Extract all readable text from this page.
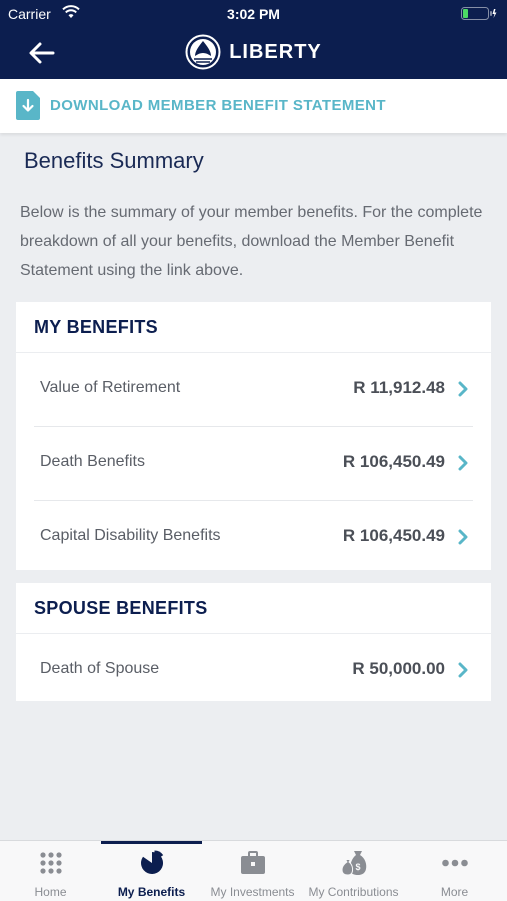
Carrier	3:02 PM
LIBERTY
DOWNLOAD MEMBER BENEFIT STATEMENT
Benefits Summary
Below is the summary of your member benefits. For the complete breakdown of all your benefits, download the Member Benefit Statement using the link above.
MY BENEFITS
Value of Retirement	R 11,912.48
Death Benefits	R 106,450.49
Capital Disability Benefits	R 106,450.49
SPOUSE BENEFITS
Death of Spouse	R 50,000.00
Home	My Benefits	My Investments
$
My Contributions	More
